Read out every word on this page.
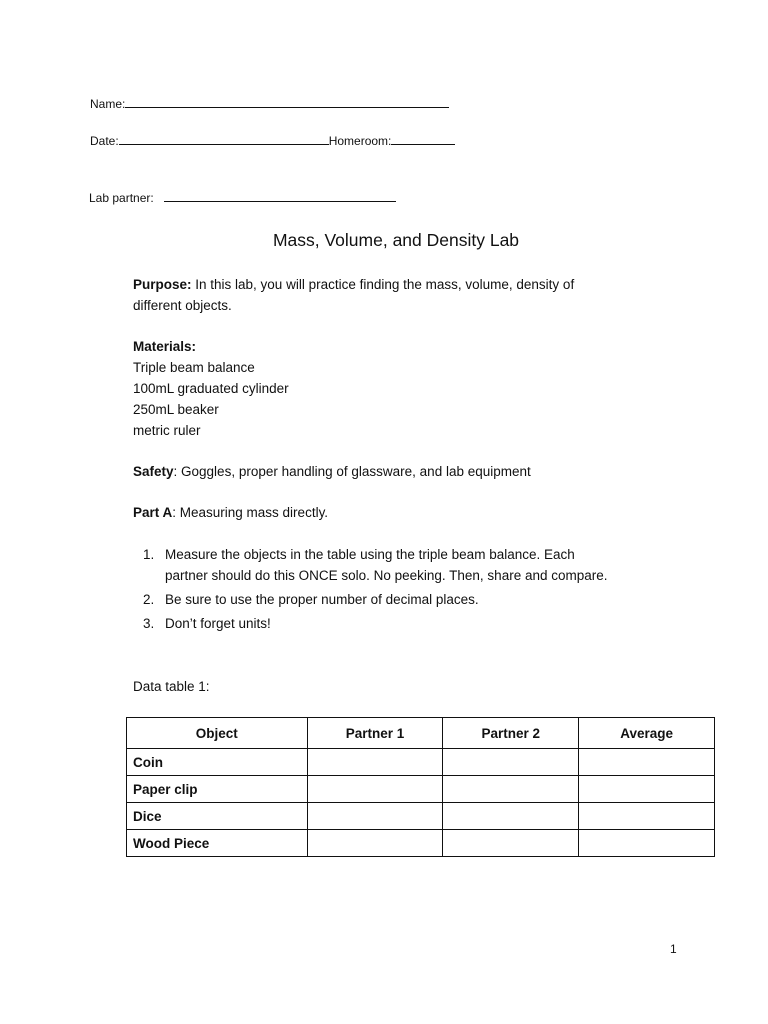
Name:
Date:	Homeroom:
Lab partner:
Mass, Volume, and Density Lab
Purpose: In this lab, you will practice finding the mass, volume, density of
different objects.
Materials:
Triple beam balance
100mL graduated cylinder
250mL beaker
metric ruler
Safety: Goggles, proper handling of glassware, and lab equipment
Part A: Measuring mass directly.
1. Measure the objects in the table using the triple beam balance. Each
partner should do this ONCE solo. No peeking. Then, share and compare.
2. Be sure to use the proper number of decimal places.
3. Don’t forget units!
Data table 1:
Object	Partner 1	Partner 2	Average
Coin			
Paper clip			
Dice			
Wood Piece			
1
